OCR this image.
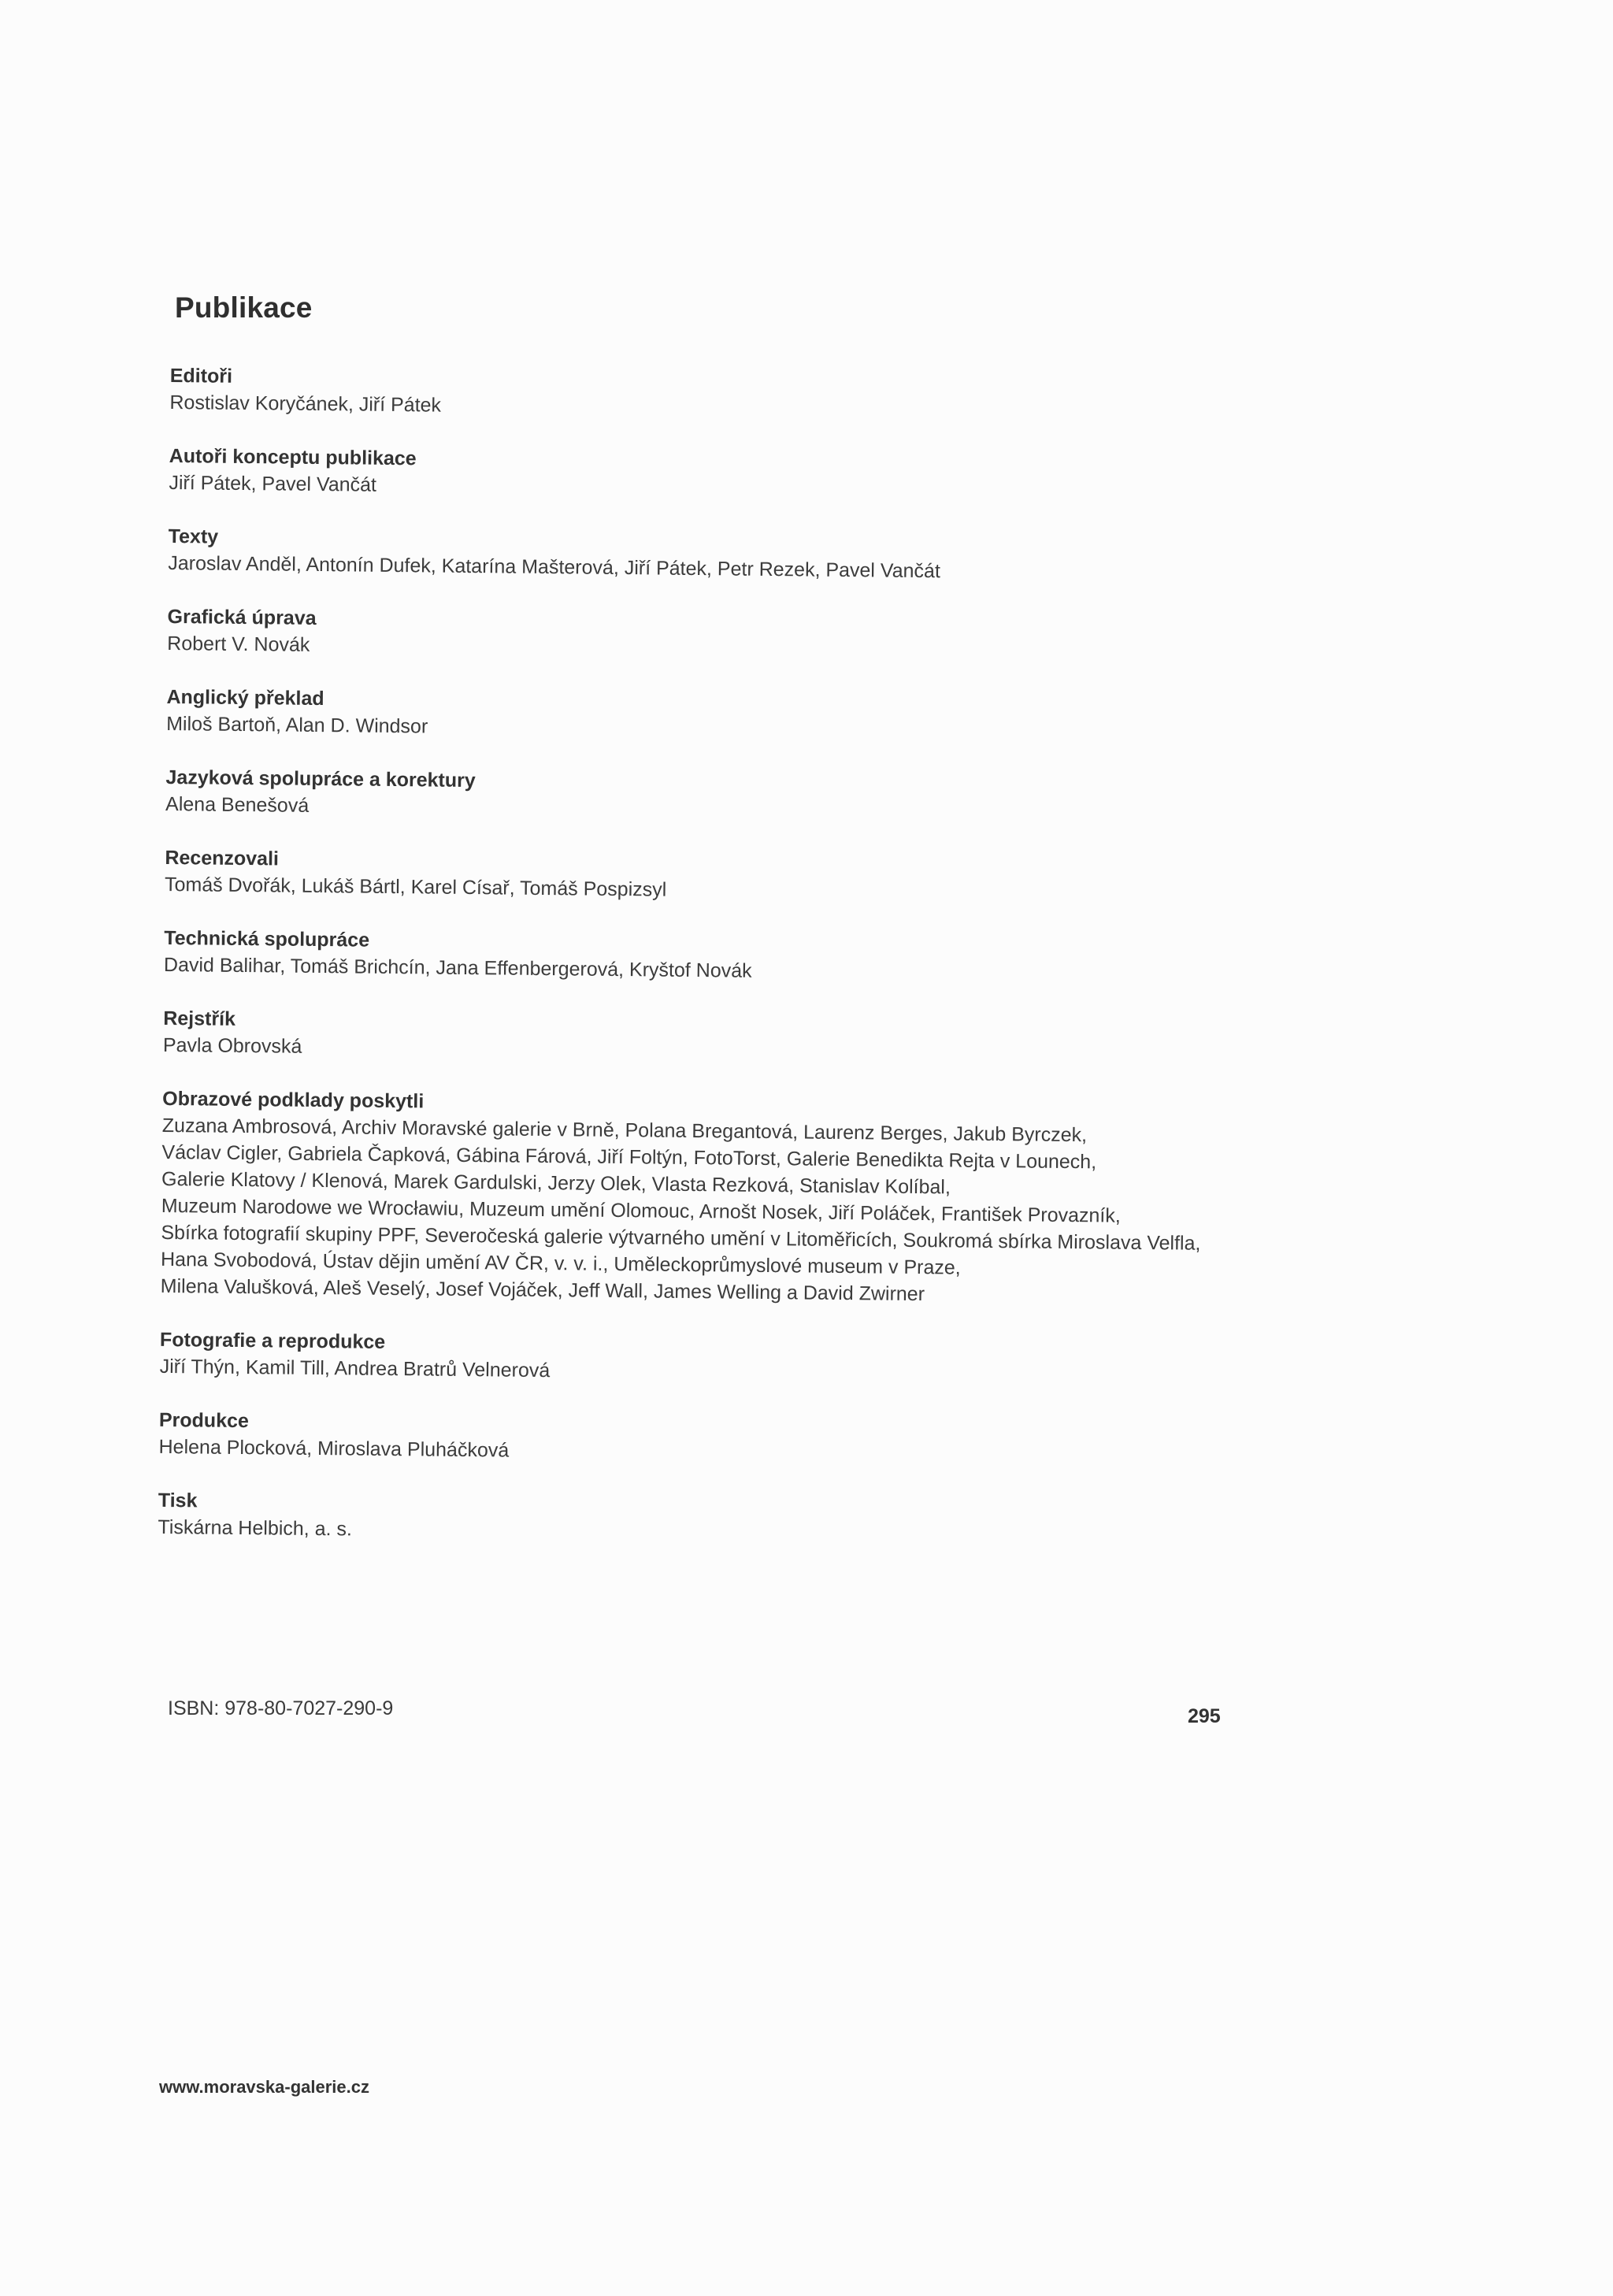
Publikace
Editoři
Rostislav Koryčánek, Jiří Pátek
Autoři konceptu publikace
Jiří Pátek, Pavel Vančát
Texty
Jaroslav Anděl, Antonín Dufek, Katarína Mašterová, Jiří Pátek, Petr Rezek, Pavel Vančát
Grafická úprava
Robert V. Novák
Anglický překlad
Miloš Bartoň, Alan D. Windsor
Jazyková spolupráce a korektury
Alena Benešová
Recenzovali
Tomáš Dvořák, Lukáš Bártl, Karel Císař, Tomáš Pospizsyl
Technická spolupráce
David Balihar, Tomáš Brichcín, Jana Effenbergerová, Kryštof Novák
Rejstřík
Pavla Obrovská
Obrazové podklady poskytli
Zuzana Ambrosová, Archiv Moravské galerie v Brně, Polana Bregantová, Laurenz Berges, Jakub Byrczek,
Václav Cigler, Gabriela Čapková, Gábina Fárová, Jiří Foltýn, FotoTorst, Galerie Benedikta Rejta v Lounech,
Galerie Klatovy / Klenová, Marek Gardulski, Jerzy Olek, Vlasta Rezková, Stanislav Kolíbal,
Muzeum Narodowe we Wrocławiu, Muzeum umění Olomouc, Arnošt Nosek, Jiří Poláček, František Provazník,
Sbírka fotografií skupiny PPF, Severočeská galerie výtvarného umění v Litoměřicích, Soukromá sbírka Miroslava Velfla,
Hana Svobodová, Ústav dějin umění AV ČR, v. v. i., Uměleckoprůmyslové museum v Praze,
Milena Valušková, Aleš Veselý, Josef Vojáček, Jeff Wall, James Welling a David Zwirner
Fotografie a reprodukce
Jiří Thýn, Kamil Till, Andrea Bratrů Velnerová
Produkce
Helena Plocková, Miroslava Pluháčková
Tisk
Tiskárna Helbich, a. s.
ISBN: 978-80-7027-290-9	295
www.moravska-galerie.cz
